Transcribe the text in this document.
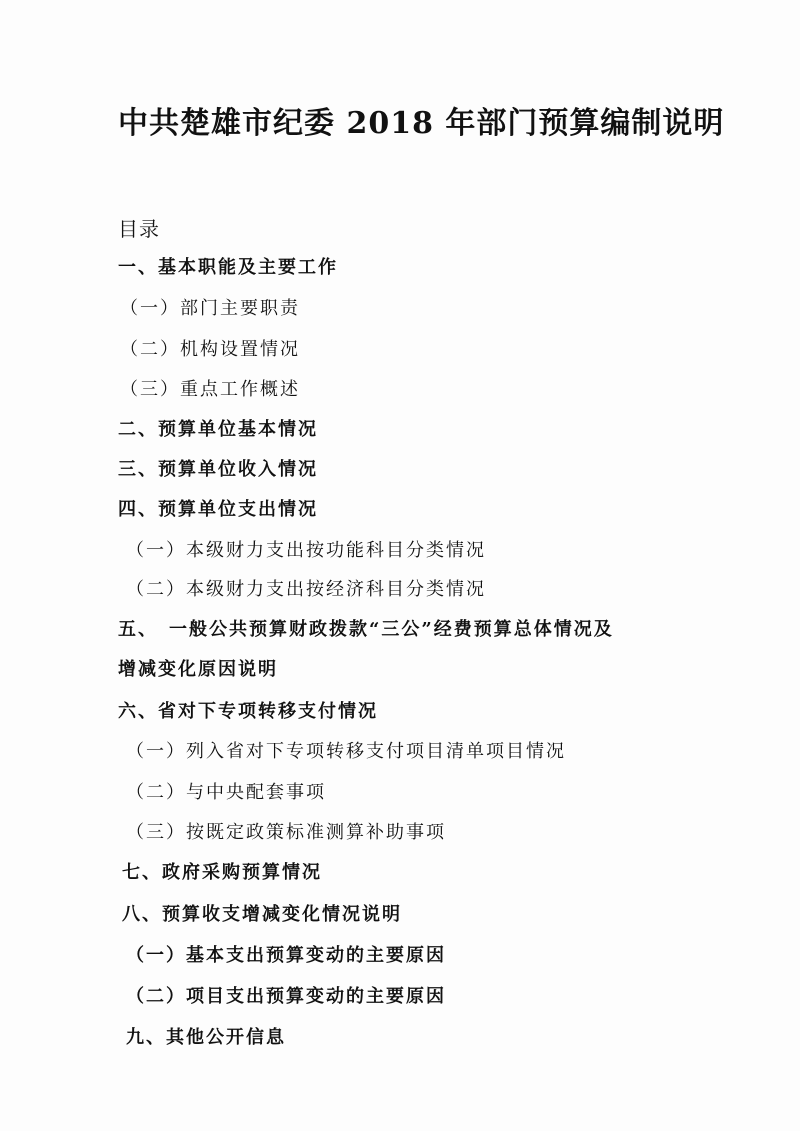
中共楚雄市纪委 2018 年部门预算编制说明
目录
一、基本职能及主要工作
（一）部门主要职责
（二）机构设置情况
（三）重点工作概述
二、预算单位基本情况
三、预算单位收入情况
四、预算单位支出情况
（一）本级财力支出按功能科目分类情况
（二）本级财力支出按经济科目分类情况
五、　一般公共预算财政拨款“三公”经费预算总体情况及
增减变化原因说明
六、省对下专项转移支付情况
（一）列入省对下专项转移支付项目清单项目情况
（二）与中央配套事项
（三）按既定政策标准测算补助事项
七、政府采购预算情况
八、预算收支增减变化情况说明
（一）基本支出预算变动的主要原因
（二）项目支出预算变动的主要原因
九、其他公开信息
